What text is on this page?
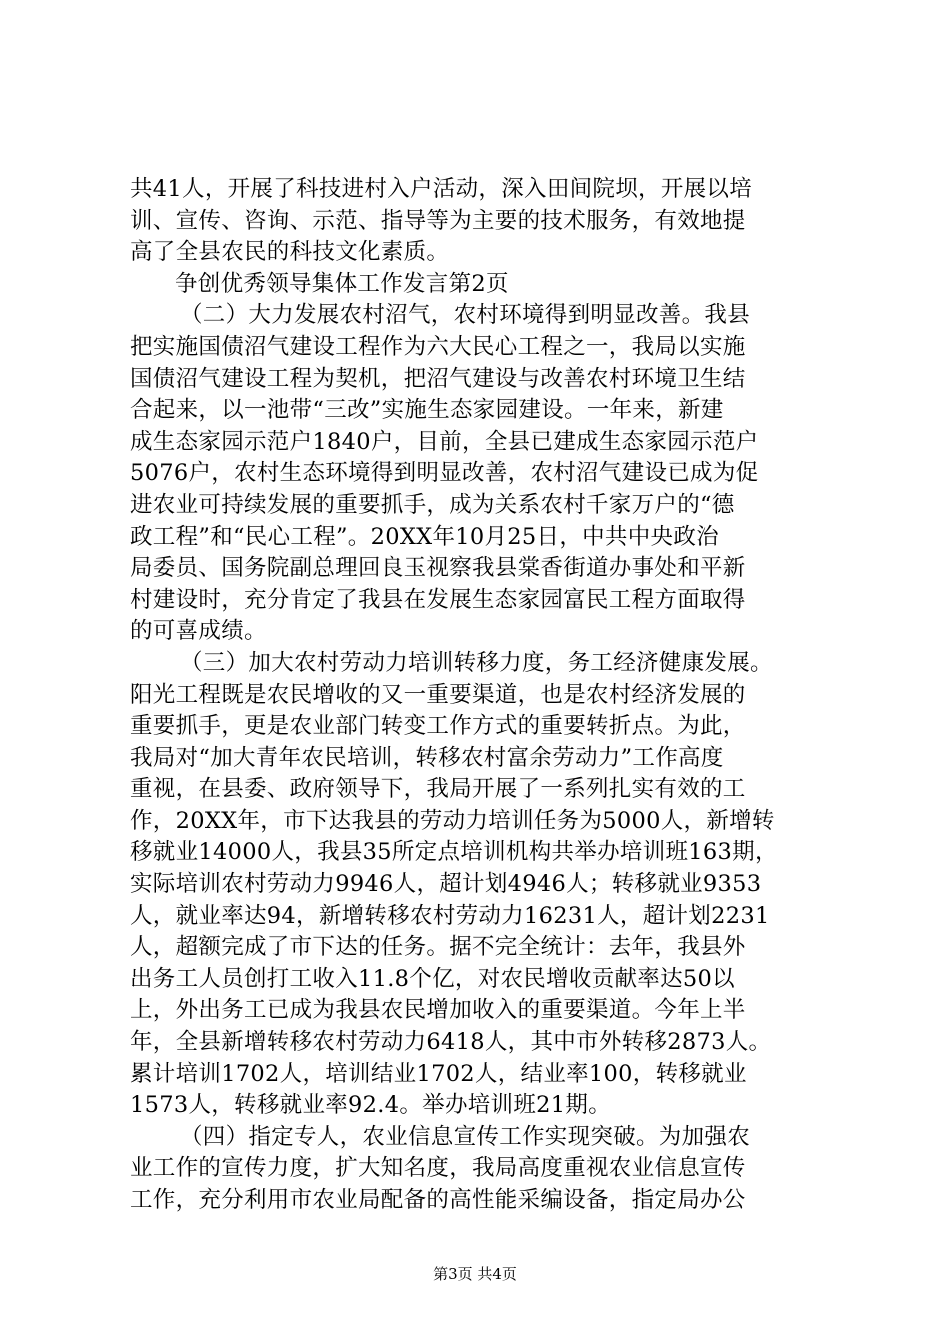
共41人，开展了科技进村入户活动，深入田间院坝，开展以培
训、宣传、咨询、示范、指导等为主要的技术服务，有效地提
高了全县农民的科技文化素质。
争创优秀领导集体工作发言第2页
（二）大力发展农村沼气，农村环境得到明显改善。我县
把实施国债沼气建设工程作为六大民心工程之一，我局以实施
国债沼气建设工程为契机，把沼气建设与改善农村环境卫生结
合起来，以一池带“三改”实施生态家园建设。一年来，新建
成生态家园示范户1840户，目前，全县已建成生态家园示范户
5076户，农村生态环境得到明显改善，农村沼气建设已成为促
进农业可持续发展的重要抓手，成为关系农村千家万户的“德
政工程”和“民心工程”。20XX年10月25日，中共中央政治
局委员、国务院副总理回良玉视察我县棠香街道办事处和平新
村建设时，充分肯定了我县在发展生态家园富民工程方面取得
的可喜成绩。
（三）加大农村劳动力培训转移力度，务工经济健康发展。
阳光工程既是农民增收的又一重要渠道，也是农村经济发展的
重要抓手，更是农业部门转变工作方式的重要转折点。为此，
我局对“加大青年农民培训，转移农村富余劳动力”工作高度
重视，在县委、政府领导下，我局开展了一系列扎实有效的工
作，20XX年，市下达我县的劳动力培训任务为5000人，新增转
移就业14000人，我县35所定点培训机构共举办培训班163期，
实际培训农村劳动力9946人，超计划4946人；转移就业9353
人，就业率达94，新增转移农村劳动力16231人，超计划2231
人，超额完成了市下达的任务。据不完全统计：去年，我县外
出务工人员创打工收入11.8个亿，对农民增收贡献率达50以
上，外出务工已成为我县农民增加收入的重要渠道。今年上半
年，全县新增转移农村劳动力6418人，其中市外转移2873人。
累计培训1702人，培训结业1702人，结业率100，转移就业
1573人，转移就业率92.4。举办培训班21期。
（四）指定专人，农业信息宣传工作实现突破。为加强农
业工作的宣传力度，扩大知名度，我局高度重视农业信息宣传
工作，充分利用市农业局配备的高性能采编设备，指定局办公
第3页 共4页
